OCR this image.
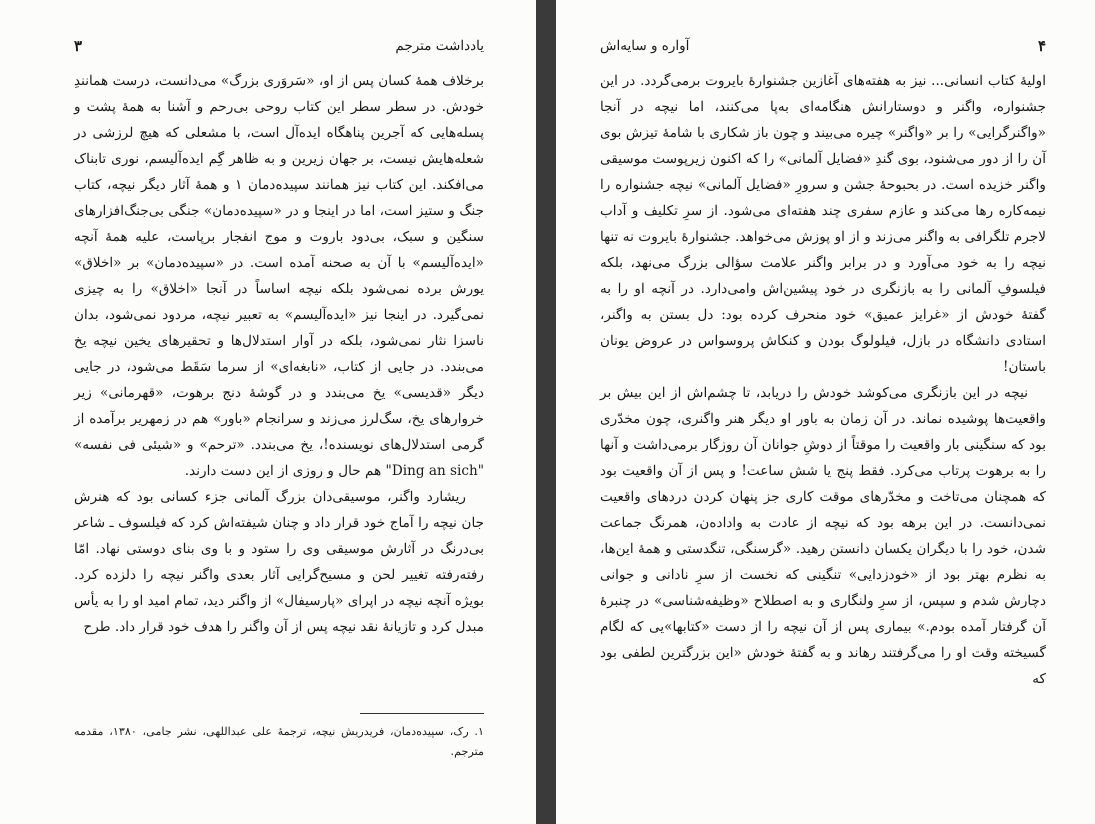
یادداشت مترجم
۳

برخلاف همهٔ کسان پس از او، «سَروَری بزرگ» می‌دانست، درست همانندِ خودش. در سطر سطر این کتاب روحی بی‌رحم و آشنا به همهٔ پشت و پسله‌هایی که آجرین پناهگاه ایده‌آل است، با مشعلی که هیچ لرزشی در شعله‌هایش نیست، بر جهان زیرین و به ظاهر گِم ایده‌آلیسم، نوری تابناک می‌افکند. این کتاب نیز همانند سپیده‌دمان ۱ و همهٔ آثار دیگر نیچه، کتاب جنگ و ستیز است، اما در اینجا و در «سپیده‌دمان» جنگی بی‌جنگ‌افزارهای سنگین و سبک، بی‌دود باروت و موج انفجار برپاست، علیه همهٔ آنچه «ایده‌آلیسم» با آن به صحنه آمده است. در «سپیده‌دمان» بر «اخلاق» یورش برده نمی‌شود بلکه نیچه اساساً در آنجا «اخلاق» را به چیزی نمی‌گیرد. در اینجا نیز «ایده‌آلیسم» به تعبیر نیچه، مردود نمی‌شود، بدان ناسزا نثار نمی‌شود، بلکه در آوار استدلال‌ها و تحقیرهای یخین نیچه یخ می‌بندد. در جایی از کتاب، «نابغه‌ای» از سرما سَقَط می‌شود، در جایی دیگر «قدیسی» یخ می‌بندد و در گوشهٔ دنج برهوت، «قهرمانی» زیر خروارهای یخ، سگ‌لرز می‌زند و سرانجام «باور» هم در زمهریر برآمده از گرمی استدلال‌های نویسنده!، یخ می‌بندد. «ترحم» و «شیئی فی نفسه» "Ding an sich" هم حال و روزی از این دست دارند.

ریشارد واگنر، موسیقی‌دان بزرگ آلمانی جزء کسانی بود که هنرش جان نیچه را آماج خود قرار داد و چنان شیفته‌اش کرد که فیلسوف ـ شاعر بی‌درنگ در آثارش موسیقی وی را ستود و با وی بنای دوستی نهاد. امّا رفته‌رفته تغییر لحن و مسیح‌گرایی آثار بعدی واگنر نیچه را دلزده کرد. بویژه آنچه نیچه در اپرای «پارسیفال» از واگنر دید، تمام امید او را به یأس مبدل کرد و تازیانهٔ نقد نیچه پس از آن واگنر را هدف خود قرار داد. طرح

۱. رک، سپیده‌دمان، فریدریش نیچه، ترجمهٔ علی عبداللهی، نشر جامی، ۱۳۸۰، مقدمه مترجم.
۴
آواره و سایه‌اش

اولیهٔ کتاب انسانی... نیز به هفته‌های آغازین جشنوارهٔ بایروت برمی‌گردد. در این جشنواره، واگنر و دوستارانش هنگامه‌ای به‌پا می‌کنند، اما نیچه در آنجا «واگنرگرایی» را بر «واگنر» چیره می‌بیند و چون باز شکاری با شامهٔ تیزش بوی آن را از دور می‌شنود، بوی گندِ «فضایل آلمانی» را که اکنون زیرپوست موسیقی واگنر خزیده است. در بحبوحهٔ جشن و سرورِ «فضایل آلمانی» نیچه جشنواره را نیمه‌کاره رها می‌کند و عازم سفری چند هفته‌ای می‌شود. از سرِ تکلیف و آداب لاجرم تلگرافی به واگنر می‌زند و از او پوزش می‌خواهد. جشنوارهٔ بایروت نه تنها نیچه را به خود می‌آورد و در برابر واگنر علامت سؤالی بزرگ می‌نهد، بلکه فیلسوفِ آلمانی را به بازنگری در خود پیشین‌اش وامی‌دارد. در آنچه او را به گفتهٔ خودش از «غرایز عمیق» خود منحرف کرده بود: دل بستن به واگنر، استادی دانشگاه در بازل، فیلولوگ بودن و کنکاش پروسواس در عروض یونان باستان!

نیچه در این بازنگری می‌کوشد خودش را دریابد، تا چشم‌اش از این بیش بر واقعیت‌ها پوشیده نماند. در آن زمان به باور او دیگر هنر واگنری، چون مخدّری بود که سنگینی بار واقعیت را موقتاً از دوشِ جوانان آن روزگار برمی‌داشت و آنها را به برهوت پرتاب می‌کرد. فقط پنج یا شش ساعت! و پس از آن واقعیت بود که همچنان می‌تاخت و مخدّرهای موقت کاری جز پنهان کردن دردهای واقعیت نمی‌دانست. در این برهه بود که نیچه از عادت به واداده‌ن، همرنگ جماعت شدن، خود را با دیگران یکسان دانستن رهید. «گرسنگی، تنگدستی و همهٔ این‌ها، به نظرم بهتر بود از «خودزدایی» تنگینی که نخست از سرِ نادانی و جوانی دچارش شدم و سپس، از سرِ ولنگاری و به اصطلاح «وظیفه‌شناسی» در چنبرهٔ آن گرفتار آمده بودم.» بیماری پس از آن نیچه را از دست «کتابها»یی که لگام گسیخته وقت او را می‌گرفتند رهاند و به گفتهٔ خودش «این بزرگترین لطفی بود که
